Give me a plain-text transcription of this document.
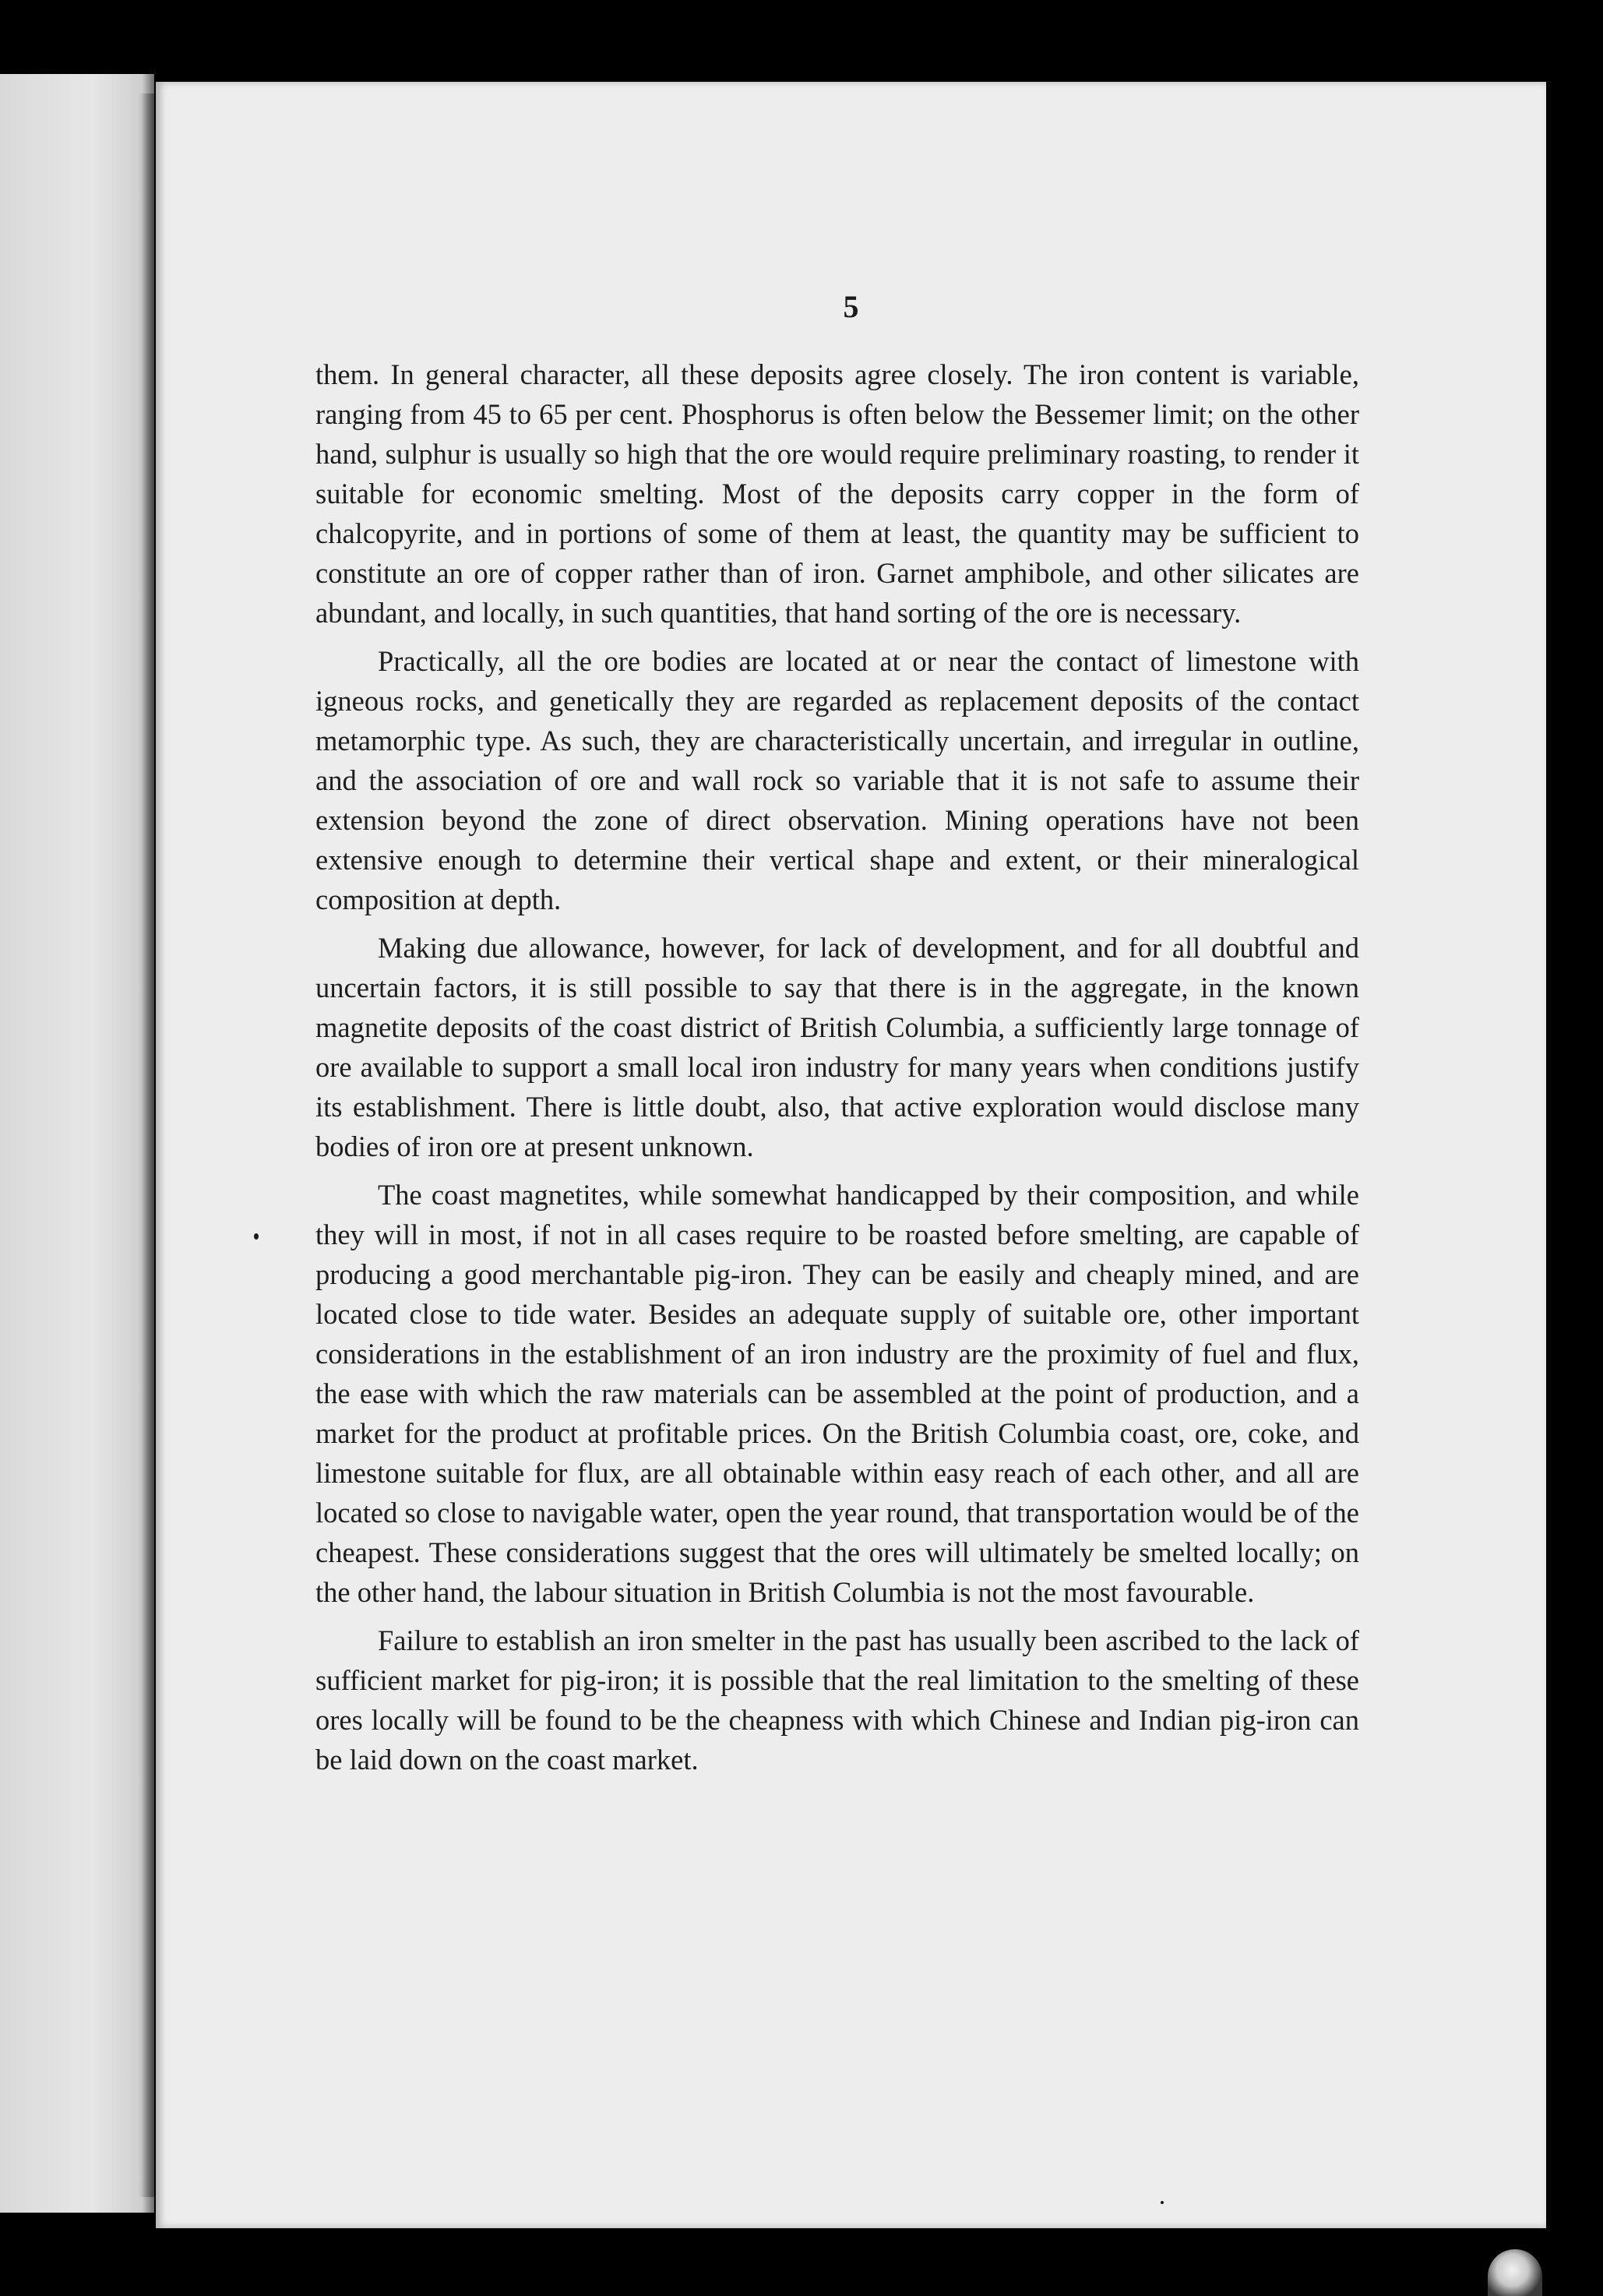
5

them. In general character, all these deposits agree closely. The iron content is variable, ranging from 45 to 65 per cent. Phosphorus is often below the Bessemer limit; on the other hand, sulphur is usually so high that the ore would require preliminary roasting, to render it suitable for economic smelting. Most of the deposits carry copper in the form of chalcopyrite, and in portions of some of them at least, the quantity may be sufficient to constitute an ore of copper rather than of iron. Garnet amphibole, and other silicates are abundant, and locally, in such quantities, that hand sorting of the ore is necessary.

Practically, all the ore bodies are located at or near the contact of limestone with igneous rocks, and genetically they are regarded as replacement deposits of the contact metamorphic type. As such, they are characteristically uncertain, and irregular in outline, and the association of ore and wall rock so variable that it is not safe to assume their extension beyond the zone of direct observation. Mining operations have not been extensive enough to determine their vertical shape and extent, or their mineralogical composition at depth.

Making due allowance, however, for lack of development, and for all doubtful and uncertain factors, it is still possible to say that there is in the aggregate, in the known magnetite deposits of the coast district of British Columbia, a sufficiently large tonnage of ore available to support a small local iron industry for many years when conditions justify its establishment. There is little doubt, also, that active exploration would disclose many bodies of iron ore at present unknown.

The coast magnetites, while somewhat handicapped by their composition, and while they will in most, if not in all cases require to be roasted before smelting, are capable of producing a good merchantable pig-iron. They can be easily and cheaply mined, and are located close to tide water. Besides an adequate supply of suitable ore, other important considerations in the establishment of an iron industry are the proximity of fuel and flux, the ease with which the raw materials can be assembled at the point of production, and a market for the product at profitable prices. On the British Columbia coast, ore, coke, and limestone suitable for flux, are all obtainable within easy reach of each other, and all are located so close to navigable water, open the year round, that transportation would be of the cheapest. These considerations suggest that the ores will ultimately be smelted locally; on the other hand, the labour situation in British Columbia is not the most favourable.

Failure to establish an iron smelter in the past has usually been ascribed to the lack of sufficient market for pig-iron; it is possible that the real limitation to the smelting of these ores locally will be found to be the cheapness with which Chinese and Indian pig-iron can be laid down on the coast market.
